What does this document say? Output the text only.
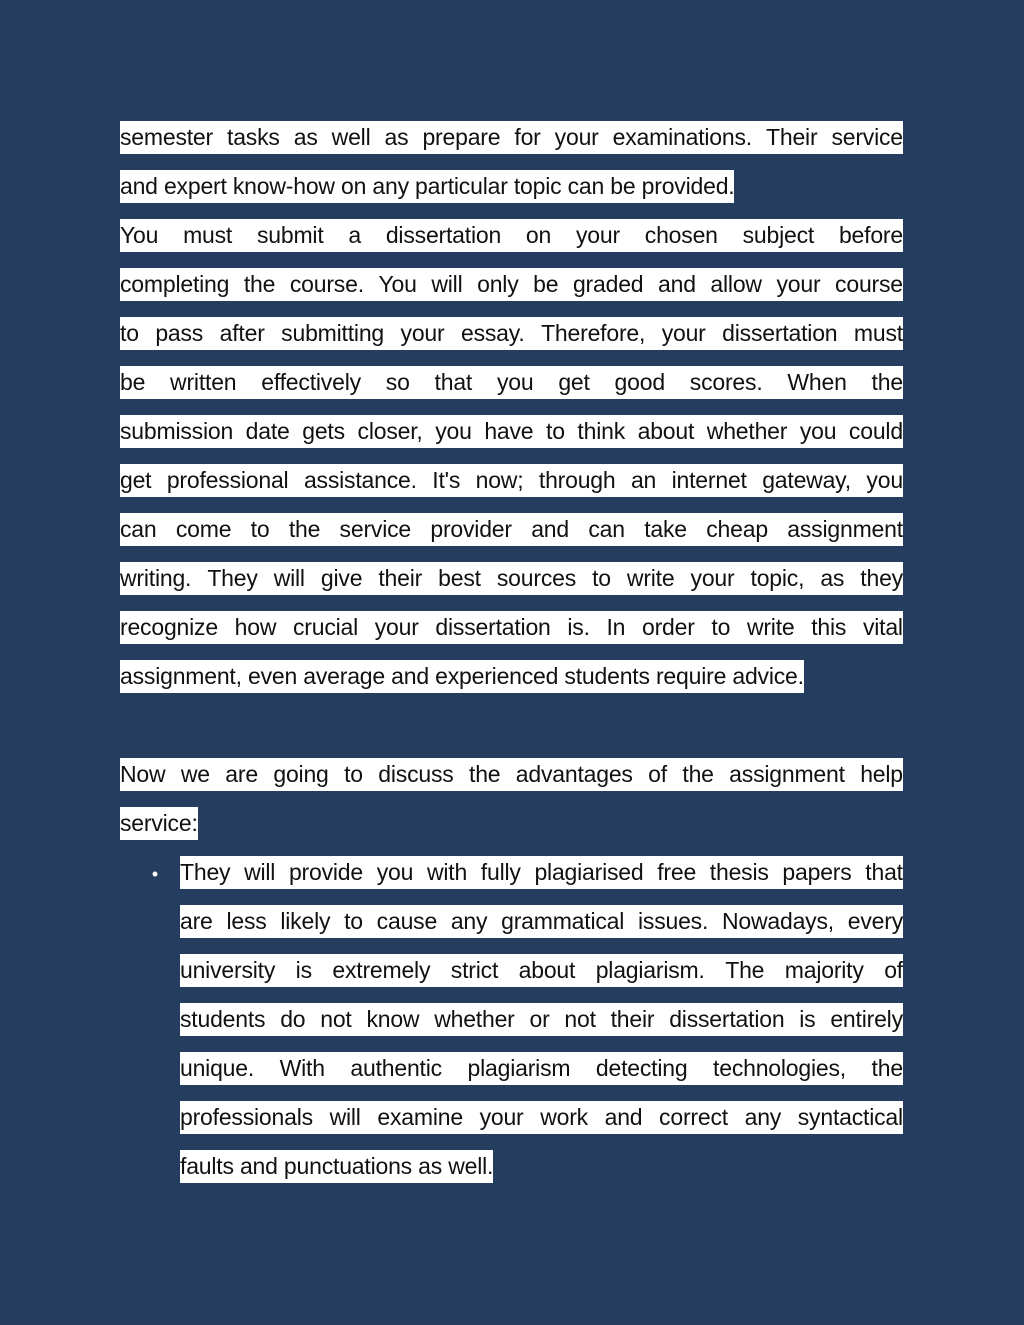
semester tasks as well as prepare for your examinations. Their service
and expert know-how on any particular topic can be provided.
You must submit a dissertation on your chosen subject before
completing the course. You will only be graded and allow your course
to pass after submitting your essay. Therefore, your dissertation must
be written effectively so that you get good scores. When the
submission date gets closer, you have to think about whether you could
get professional assistance. It's now; through an internet gateway, you
can come to the service provider and can take cheap assignment
writing. They will give their best sources to write your topic, as they
recognize how crucial your dissertation is. In order to write this vital
assignment, even average and experienced students require advice.
Now we are going to discuss the advantages of the assignment help
service:
• They will provide you with fully plagiarised free thesis papers that
are less likely to cause any grammatical issues. Nowadays, every
university is extremely strict about plagiarism. The majority of
students do not know whether or not their dissertation is entirely
unique. With authentic plagiarism detecting technologies, the
professionals will examine your work and correct any syntactical
faults and punctuations as well.
